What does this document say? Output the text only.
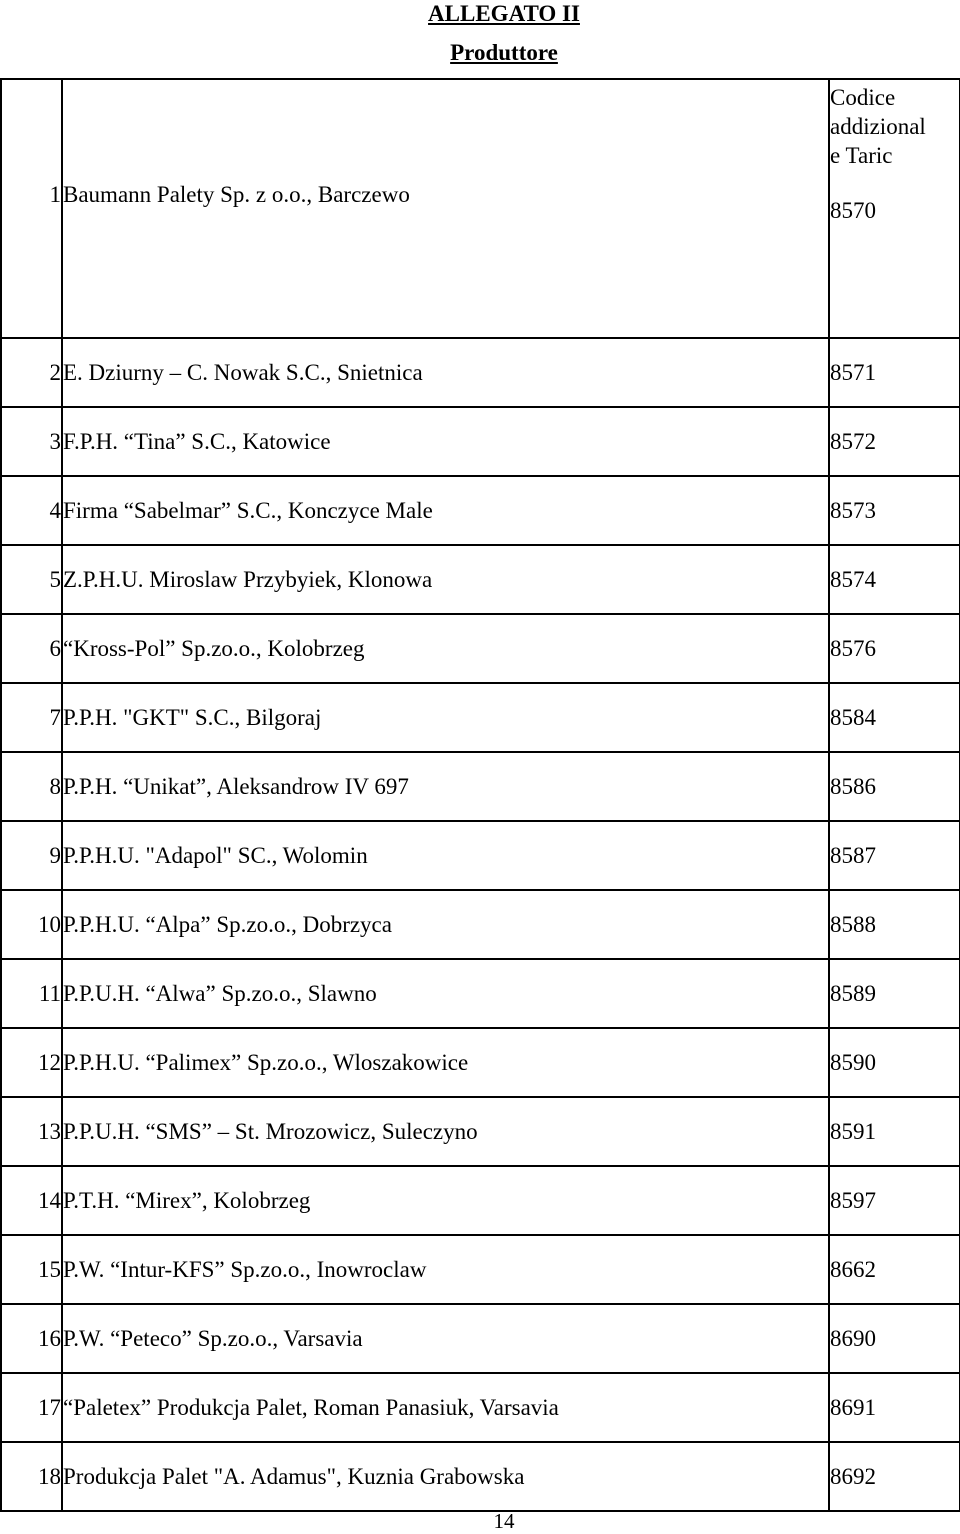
ALLEGATO II
Produttore
1	Baumann Palety Sp. z o.o., Barczewo	Codice addizional e Taric
8570

2	E. Dziurny – C. Nowak S.C., Snietnica	8571
3	F.P.H. “Tina” S.C., Katowice	8572
4	Firma “Sabelmar” S.C., Konczyce Male	8573
5	Z.P.H.U. Miroslaw Przybyiek, Klonowa	8574
6	“Kross-Pol” Sp.zo.o., Kolobrzeg	8576
7	P.P.H. "GKT" S.C., Bilgoraj	8584
8	P.P.H. “Unikat”, Aleksandrow IV 697	8586
9	P.P.H.U. "Adapol" SC., Wolomin	8587
10	P.P.H.U. “Alpa” Sp.zo.o., Dobrzyca	8588
11	P.P.U.H. “Alwa” Sp.zo.o., Slawno	8589
12	P.P.H.U. “Palimex” Sp.zo.o., Wloszakowice	8590
13	P.P.U.H. “SMS” – St. Mrozowicz, Suleczyno	8591
14	P.T.H. “Mirex”, Kolobrzeg	8597
15	P.W. “Intur-KFS” Sp.zo.o., Inowroclaw	8662
16	P.W. “Peteco” Sp.zo.o., Varsavia	8690
17	“Paletex” Produkcja Palet, Roman Panasiuk, Varsavia	8691
18	Produkcja Palet "A. Adamus", Kuznia Grabowska	8692
14
